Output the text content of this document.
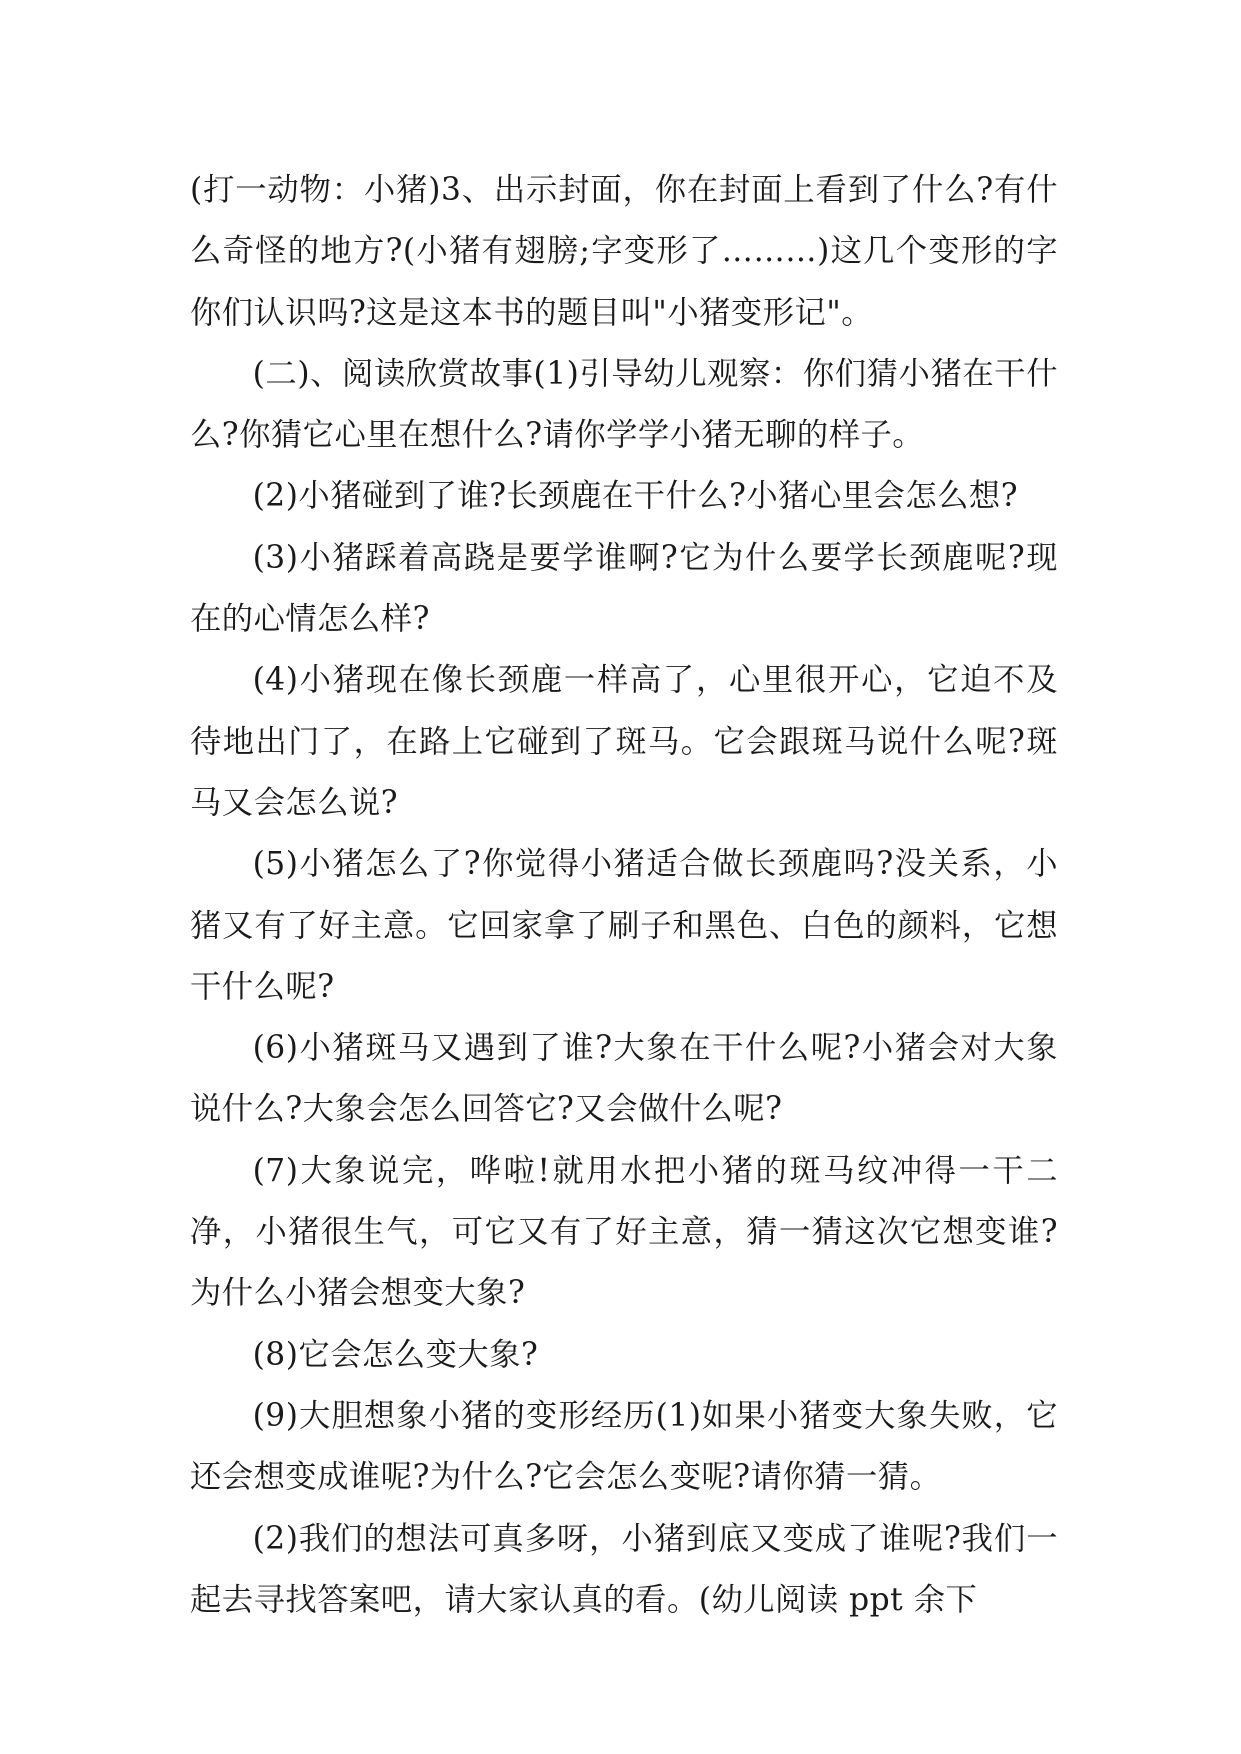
(打一动物：小猪)3、出示封面，你在封面上看到了什么?有什么奇怪的地方?(小猪有翅膀;字变形了………)这几个变形的字你们认识吗?这是这本书的题目叫"小猪变形记"。

(二)、阅读欣赏故事(1)引导幼儿观察：你们猜小猪在干什么?你猜它心里在想什么?请你学学小猪无聊的样子。

(2)小猪碰到了谁?长颈鹿在干什么?小猪心里会怎么想?

(3)小猪踩着高跷是要学谁啊?它为什么要学长颈鹿呢?现在的心情怎么样?

(4)小猪现在像长颈鹿一样高了，心里很开心，它迫不及待地出门了，在路上它碰到了斑马。它会跟斑马说什么呢?斑马又会怎么说?

(5)小猪怎么了?你觉得小猪适合做长颈鹿吗?没关系，小猪又有了好主意。它回家拿了刷子和黑色、白色的颜料，它想干什么呢?

(6)小猪斑马又遇到了谁?大象在干什么呢?小猪会对大象说什么?大象会怎么回答它?又会做什么呢?

(7)大象说完，哗啦!就用水把小猪的斑马纹冲得一干二净，小猪很生气，可它又有了好主意，猜一猜这次它想变谁?为什么小猪会想变大象?

(8)它会怎么变大象?

(9)大胆想象小猪的变形经历(1)如果小猪变大象失败，它还会想变成谁呢?为什么?它会怎么变呢?请你猜一猜。

(2)我们的想法可真多呀，小猪到底又变成了谁呢?我们一起去寻找答案吧，请大家认真的看。(幼儿阅读 ppt 余下
